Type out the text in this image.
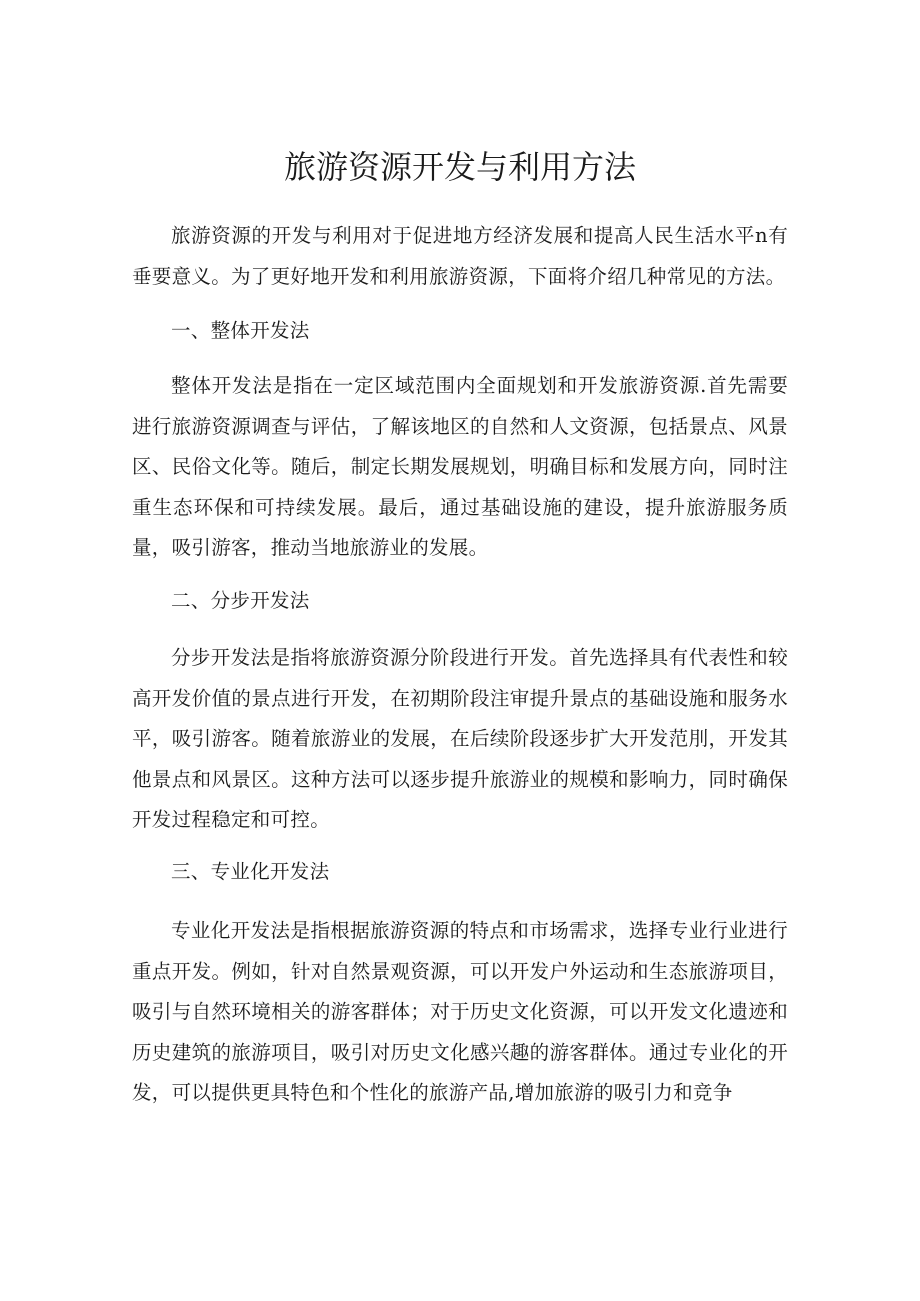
旅游资源开发与利用方法

旅游资源的开发与利用对于促进地方经济发展和提高人民生活水平n有垂要意义。为了更好地开发和利用旅游资源，下面将介绍几种常见的方法。

一、整体开发法

整体开发法是指在一定区域范围内全面规划和开发旅游资源.首先需要进行旅游资源调查与评估，了解该地区的自然和人文资源，包括景点、风景区、民俗文化等。随后，制定长期发展规划，明确目标和发展方向，同时注重生态环保和可持续发展。最后，通过基础设施的建设，提升旅游服务质量，吸引游客，推动当地旅游业的发展。

二、分步开发法

分步开发法是指将旅游资源分阶段进行开发。首先选择具有代表性和较高开发价值的景点进行开发，在初期阶段注审提升景点的基础设施和服务水平，吸引游客。随着旅游业的发展，在后续阶段逐步扩大开发范刖，开发其他景点和风景区。这种方法可以逐步提升旅游业的规模和影响力，同时确保开发过程稳定和可控。

三、专业化开发法

专业化开发法是指根据旅游资源的特点和市场需求，选择专业行业进行重点开发。例如，针对自然景观资源，可以开发户外运动和生态旅游项目，吸引与自然环境相关的游客群体；对于历史文化资源，可以开发文化遗迹和历史建筑的旅游项目，吸引对历史文化感兴趣的游客群体。通过专业化的开发，可以提供更具特色和个性化的旅游产品,增加旅游的吸引力和竞争
